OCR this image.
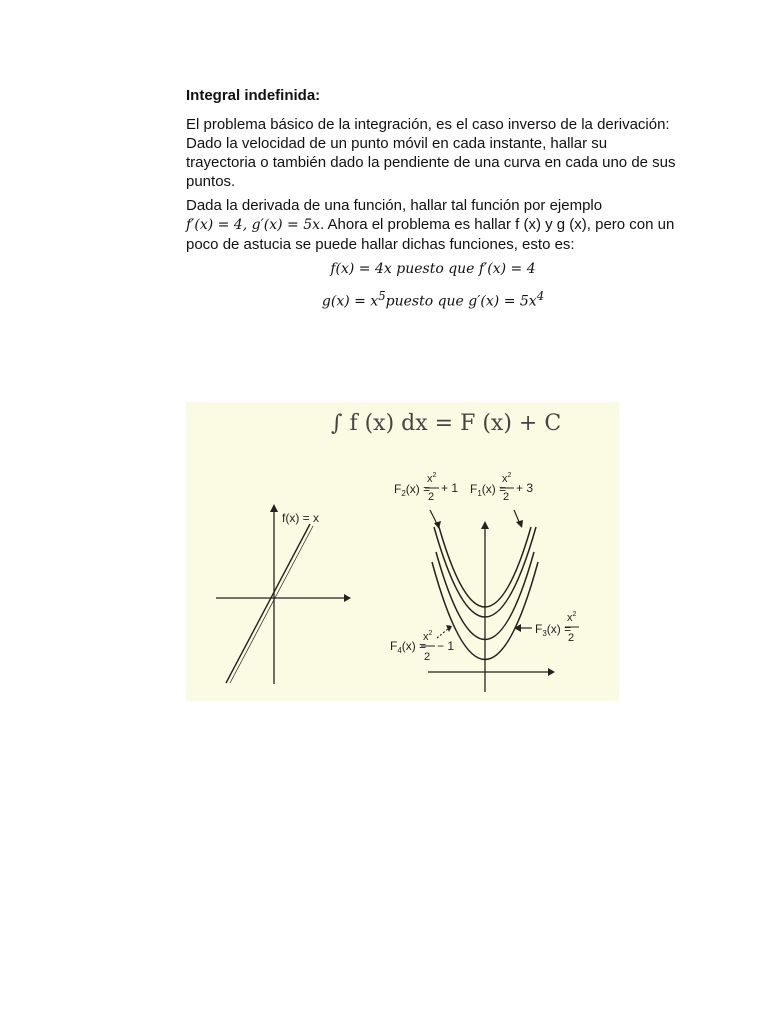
Integral indefinida:

El problema básico de la integración, es el caso inverso de la derivación: Dado la velocidad de un punto móvil en cada instante, hallar su trayectoria o también dado la pendiente de una curva en cada uno de sus puntos.

Dada la derivada de una función, hallar tal función por ejemplo
f′(x) = 4, g′(x) = 5x. Ahora el problema es hallar f (x) y g (x), pero con un poco de astucia se puede hallar dichas funciones, esto es:

f(x) = 4x puesto que f′(x) = 4

$g(x) = x^5puesto$ que $g'(x) = 5x^4$

∫ f (x) dx = F (x) + C
f(x) = x
$F_2(x)$ =
$x^2$
2
+ 1 $F_1(x)$ =
$x^2$
2
+ 3
$F_3(x)$ =
$x^2$
2
$F_4(x)$ =
$x^2$
2
− 1
